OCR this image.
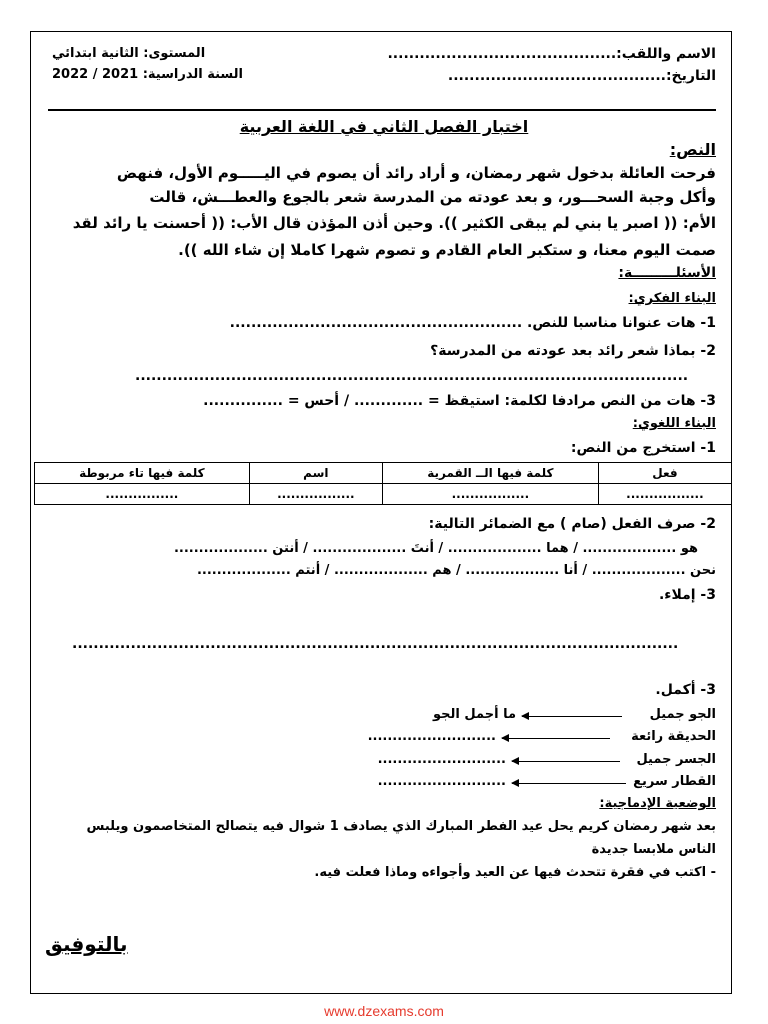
الاسم واللقب:...........................................
التاريخ:.........................................
المستوى: الثانية ابتدائي
السنة الدراسية: 2021 / 2022
اختبار الفصل الثاني في اللغة العربية
النص:
فرحت العائلة بدخول شهر رمضان، و أراد رائد أن يصوم في اليـــــوم الأول، فنهض
وأكل وجبة السحـــور، و بعد عودته من المدرسة شعر بالجوع والعطـــش، قالت
الأم: (( اصبر يا بني لم يبقى الكثير )). وحين أذن المؤذن قال الأب: (( أحسنت يا رائد لقد
صمت اليوم معنا، و ستكبر العام القادم و تصوم شهرا كاملا إن شاء الله )).
الأسئلـــــــــة:
البناء الفكري:
1- هات عنوانا مناسبا للنص. .......................................................
2- بماذا شعر رائد بعد عودته من المدرسة؟
........................................................................................................
3- هات من النص مرادفا لكلمة: استيقظ = ............. / أحس = ...............
البناء اللغوي:
1- استخرج من النص:
فعل	كلمة فيها الــ القمرية	اسم	كلمة فيها تاء مربوطة
.................	.................	.................	................
2- صرف الفعل (صام ) مع الضمائر التالية:
هو ................... / هما ................... / أنتَ ................... / أنتن ...................
نحن ................... / أنا ................... / هم ................... / أنتم ...................
3- إملاء.
..................................................................................................................
3- أكمل.
الجو جميل
ما أجمل الجو
الحديقة رائعة
..........................
الجسر جميل
..........................
القطار سريع
..........................
الوضعية الإدماجية:
بعد شهر رمضان كريم يحل عيد الفطر المبارك الذي يصادف 1 شوال فيه يتصالح المتخاصمون ويلبس
الناس ملابسا جديدة
- اكتب في فقرة تتحدث فيها عن العيد وأجواءه وماذا فعلت فيه.
بالتوفيق
www.dzexams.com
